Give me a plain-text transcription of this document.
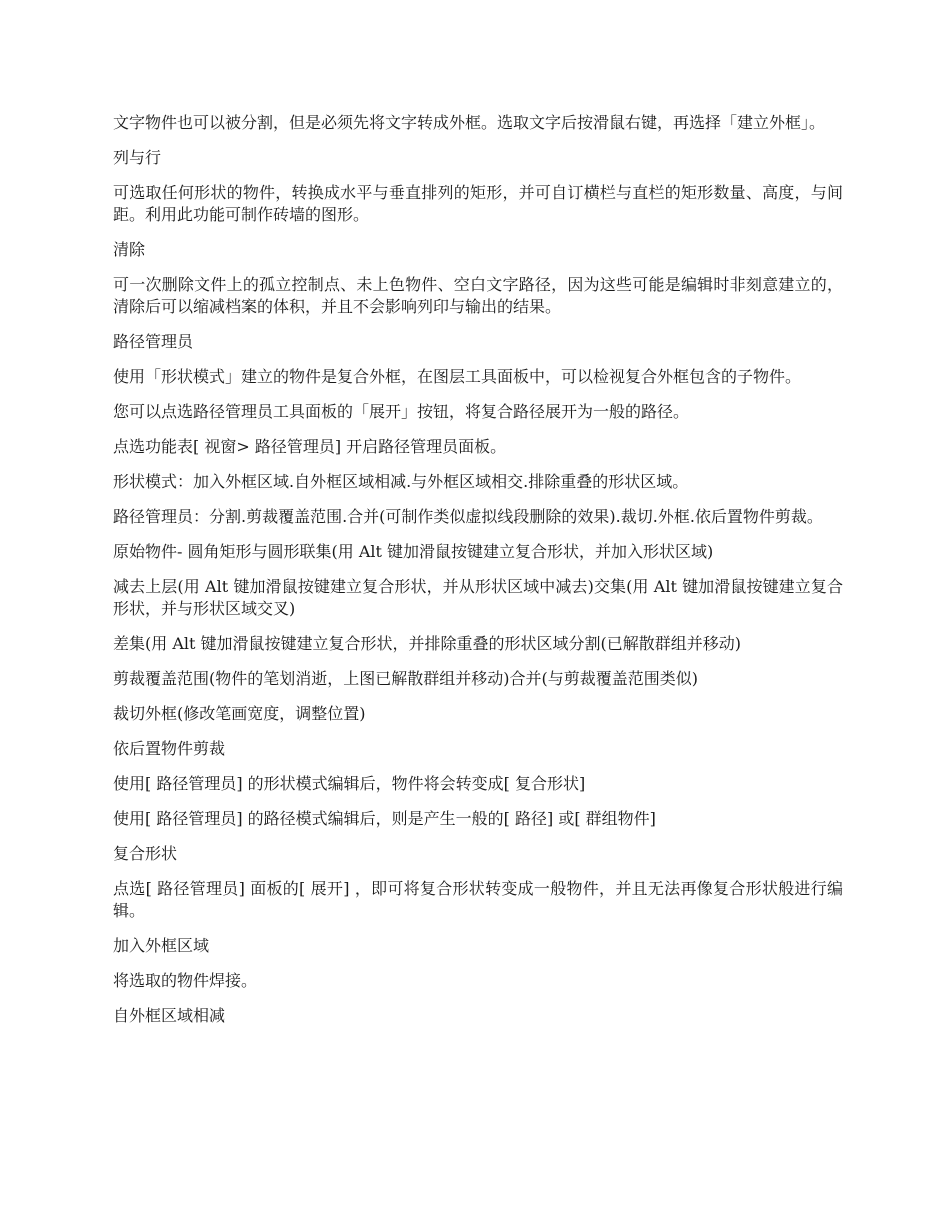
文字物件也可以被分割，但是必须先将文字转成外框。选取文字后按滑鼠右键，再选择「建立外框」。

列与行

可选取任何形状的物件，转换成水平与垂直排列的矩形，并可自订横栏与直栏的矩形数量、高度，与间距。利用此功能可制作砖墙的图形。

清除

可一次删除文件上的孤立控制点、未上色物件、空白文字路径，因为这些可能是编辑时非刻意建立的，清除后可以缩减档案的体积，并且不会影响列印与输出的结果。

路径管理员

使用「形状模式」建立的物件是复合外框，在图层工具面板中，可以检视复合外框包含的子物件。

您可以点选路径管理员工具面板的「展开」按钮，将复合路径展开为一般的路径。

点选功能表[ 视窗> 路径管理员] 开启路径管理员面板。

形状模式：加入外框区域.自外框区域相减.与外框区域相交.排除重叠的形状区域。

路径管理员：分割.剪裁覆盖范围.合并(可制作类似虚拟线段删除的效果).裁切.外框.依后置物件剪裁。

原始物件- 圆角矩形与圆形联集(用 Alt 键加滑鼠按键建立复合形状，并加入形状区域)

减去上层(用 Alt 键加滑鼠按键建立复合形状，并从形状区域中减去)交集(用 Alt 键加滑鼠按键建立复合形状，并与形状区域交叉)

差集(用 Alt 键加滑鼠按键建立复合形状，并排除重叠的形状区域分割(已解散群组并移动)

剪裁覆盖范围(物件的笔划消逝，上图已解散群组并移动)合并(与剪裁覆盖范围类似)

裁切外框(修改笔画宽度，调整位置)

依后置物件剪裁

使用[ 路径管理员] 的形状模式编辑后，物件将会转变成[ 复合形状]

使用[ 路径管理员] 的路径模式编辑后，则是产生一般的[ 路径] 或[ 群组物件]

复合形状

点选[ 路径管理员] 面板的[ 展开] ，即可将复合形状转变成一般物件，并且无法再像复合形状般进行编辑。

加入外框区域

将选取的物件焊接。

自外框区域相减
